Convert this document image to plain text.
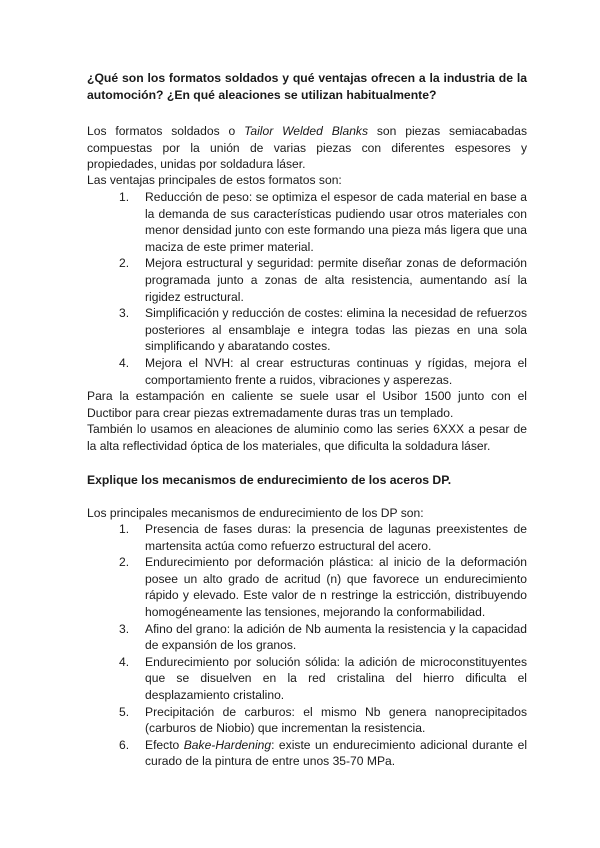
¿Qué son los formatos soldados y qué ventajas ofrecen a la industria de la automoción? ¿En qué aleaciones se utilizan habitualmente?

Los formatos soldados o Tailor Welded Blanks son piezas semiacabadas compuestas por la unión de varias piezas con diferentes espesores y propiedades, unidas por soldadura láser.

Las ventajas principales de estos formatos son:

1. Reducción de peso: se optimiza el espesor de cada material en base a la demanda de sus características pudiendo usar otros materiales con menor densidad junto con este formando una pieza más ligera que una maciza de este primer material.
2. Mejora estructural y seguridad: permite diseñar zonas de deformación programada junto a zonas de alta resistencia, aumentando así la rigidez estructural.
3. Simplificación y reducción de costes: elimina la necesidad de refuerzos posteriores al ensamblaje e integra todas las piezas en una sola simplificando y abaratando costes.
4. Mejora el NVH: al crear estructuras continuas y rígidas, mejora el comportamiento frente a ruidos, vibraciones y asperezas.

Para la estampación en caliente se suele usar el Usibor 1500 junto con el Ductibor para crear piezas extremadamente duras tras un templado.

También lo usamos en aleaciones de aluminio como las series 6XXX a pesar de la alta reflectividad óptica de los materiales, que dificulta la soldadura láser.

Explique los mecanismos de endurecimiento de los aceros DP.

Los principales mecanismos de endurecimiento de los DP son:

1. Presencia de fases duras: la presencia de lagunas preexistentes de martensita actúa como refuerzo estructural del acero.
2. Endurecimiento por deformación plástica: al inicio de la deformación posee un alto grado de acritud (n) que favorece un endurecimiento rápido y elevado. Este valor de n restringe la estricción, distribuyendo homogéneamente las tensiones, mejorando la conformabilidad.
3. Afino del grano: la adición de Nb aumenta la resistencia y la capacidad de expansión de los granos.
4. Endurecimiento por solución sólida: la adición de microconstituyentes que se disuelven en la red cristalina del hierro dificulta el desplazamiento cristalino.
5. Precipitación de carburos: el mismo Nb genera nanoprecipitados (carburos de Niobio) que incrementan la resistencia.
6. Efecto Bake-Hardening: existe un endurecimiento adicional durante el curado de la pintura de entre unos 35-70 MPa.
